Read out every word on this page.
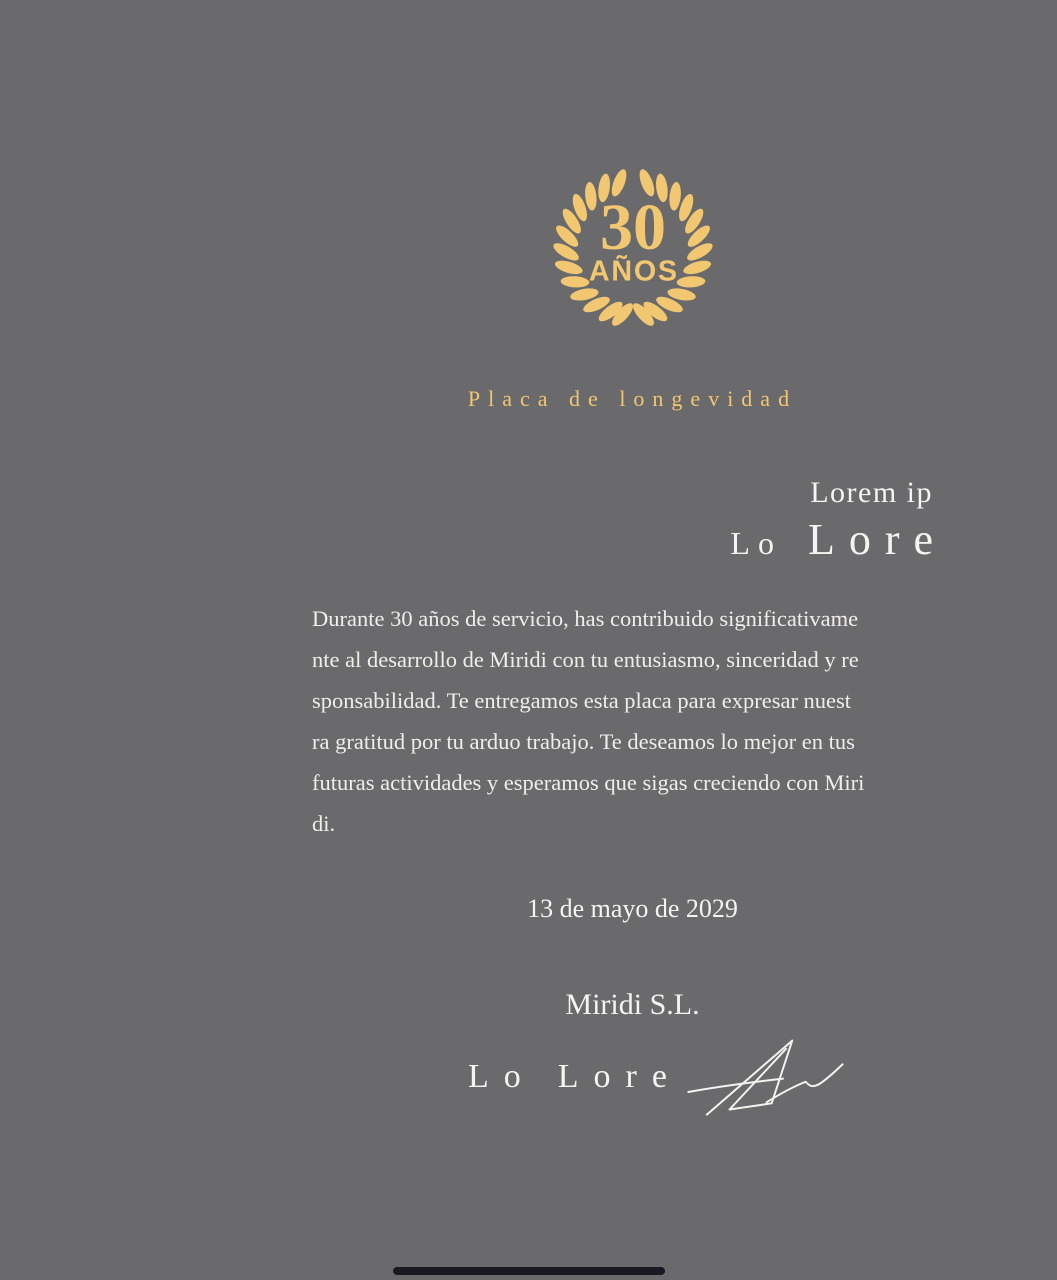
30
AÑOS
Placa de longevidad
Lorem ip
Lo Lore
Durante 30 años de servicio, has contribuido significativame
nte al desarrollo de Miridi con tu entusiasmo, sinceridad y re
sponsabilidad. Te entregamos esta placa para expresar nuest
ra gratitud por tu arduo trabajo. Te deseamos lo mejor en tus
futuras actividades y esperamos que sigas creciendo con Miri
di.
13 de mayo de 2029
Miridi S.L.
Lo Lore
